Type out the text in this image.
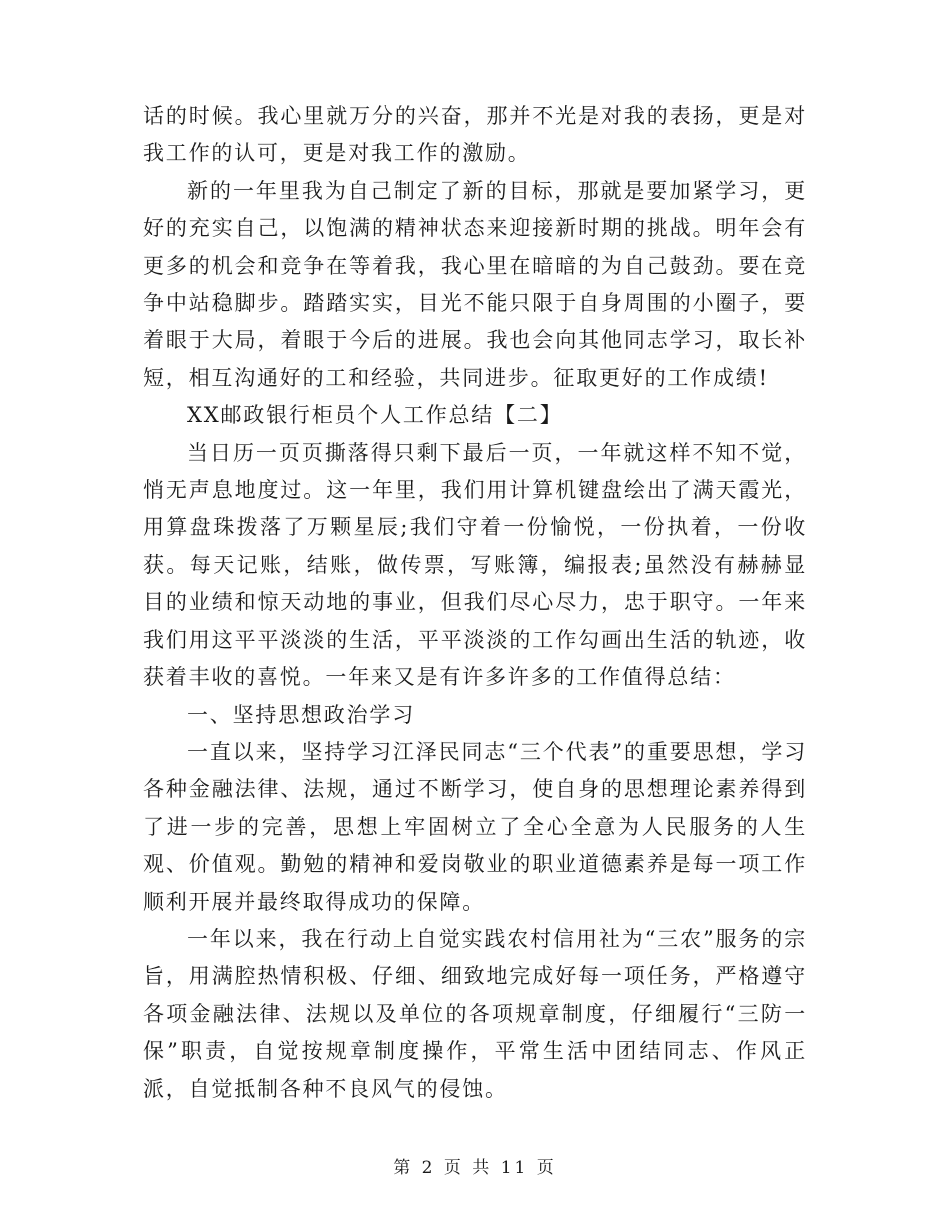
话的时候。我心里就万分的兴奋，那并不光是对我的表扬，更是对我工作的认可，更是对我工作的激励。

新的一年里我为自己制定了新的目标，那就是要加紧学习，更好的充实自己，以饱满的精神状态来迎接新时期的挑战。明年会有更多的机会和竞争在等着我，我心里在暗暗的为自己鼓劲。要在竞争中站稳脚步。踏踏实实，目光不能只限于自身周围的小圈子，要着眼于大局，着眼于今后的进展。我也会向其他同志学习，取长补短，相互沟通好的工和经验，共同进步。征取更好的工作成绩!

XX邮政银行柜员个人工作总结【二】

当日历一页页撕落得只剩下最后一页，一年就这样不知不觉，悄无声息地度过。这一年里，我们用计算机键盘绘出了满天霞光，用算盘珠拨落了万颗星辰;我们守着一份愉悦，一份执着，一份收获。每天记账，结账，做传票，写账簿，编报表;虽然没有赫赫显目的业绩和惊天动地的事业，但我们尽心尽力，忠于职守。一年来我们用这平平淡淡的生活，平平淡淡的工作勾画出生活的轨迹，收获着丰收的喜悦。一年来又是有许多许多的工作值得总结：

一、坚持思想政治学习

一直以来，坚持学习江泽民同志“三个代表”的重要思想，学习各种金融法律、法规，通过不断学习，使自身的思想理论素养得到了进一步的完善，思想上牢固树立了全心全意为人民服务的人生观、价值观。勤勉的精神和爱岗敬业的职业道德素养是每一项工作顺利开展并最终取得成功的保障。

一年以来，我在行动上自觉实践农村信用社为“三农”服务的宗旨，用满腔热情积极、仔细、细致地完成好每一项任务，严格遵守各项金融法律、法规以及单位的各项规章制度，仔细履行“三防一保”职责，自觉按规章制度操作，平常生活中团结同志、作风正派，自觉抵制各种不良风气的侵蚀。

第 2 页 共 11 页
